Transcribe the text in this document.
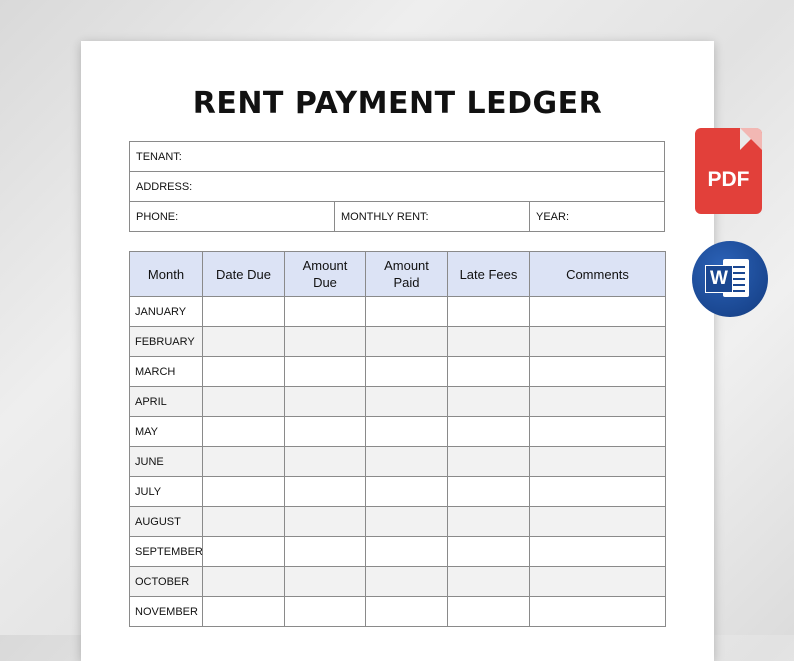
RENT PAYMENT LEDGER
TENANT:
ADDRESS:
PHONE:	MONTHLY RENT:	YEAR:
Month	Date Due	Amount Due	Amount Paid	Late Fees	Comments
JANUARY					
FEBRUARY					
MARCH					
APRIL					
MAY					
JUNE					
JULY					
AUGUST					
SEPTEMBER					
OCTOBER					
NOVEMBER					
PDF
W
